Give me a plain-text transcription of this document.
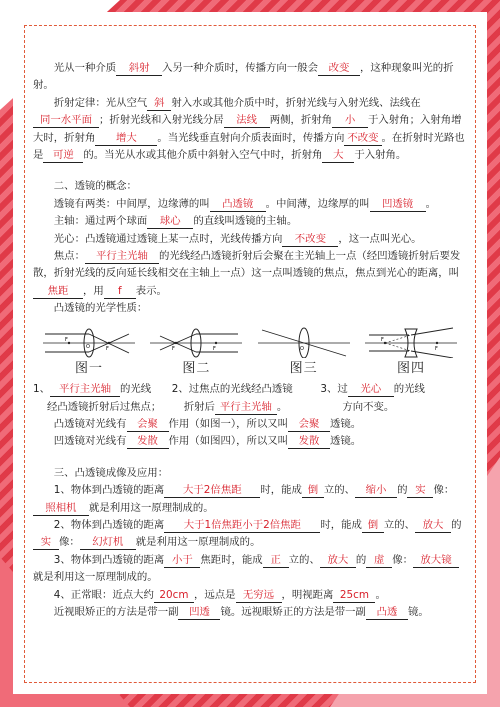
光从一种介质 斜射 入另一种介质时，传播方向一般会 改变 ，这种现象叫光的折射。

折射定律：光从空气 斜 射入水或其他介质中时，折射光线与入射光线、法线在同一水平面 ；折射光线和入射光线分居 法线 两侧，折射角 小 于入射角；入射角增大时，折射角 增大 。当光线垂直射向介质表面时，传播方向 不改变 。在折射时光路也是 可逆 的。当光从水或其他介质中斜射入空气中时，折射角 大 于入射角。

二、透镜的概念：

透镜有两类：中间厚，边缘薄的叫 凸透镜 。中间薄，边缘厚的叫 凹透镜 。

主轴：通过两个球面 球心 的直线叫透镜的主轴。

光心：凸透镜通过透镜上某一点时，光线传播方向 不改变 ，这一点叫光心。

焦点： 平行主光轴 的光线经凸透镜折射后会聚在主光轴上一点（经凹透镜折射后要发散，折射光线的反向延长线相交在主轴上一点）这一点叫透镜的焦点，焦点到光心的距离，叫焦距 ，用 f 表示。

凸透镜的光学性质：

F
F
O
图一
F	F
图二
O
图三
F
F
图四
1、 平行主光轴 的光线
经凸透镜折射后过焦点；
2、过焦点的光线经凸透镜
折射后 平行主光轴 。
3、过 光心 的光线
方向不变。

凸透镜对光线有 会聚 作用（如图一），所以又叫 会聚 透镜。

凹透镜对光线有 发散 作用（如图四），所以又叫 发散 透镜。

三、凸透镜成像及应用：

1、物体到凸透镜的距离 大于2倍焦距 时，能成 倒 立的、 缩小 的 实 像：照相机 就是利用这一原理制成的。

2、物体到凸透镜的距离 大于1倍焦距小于2倍焦距 时，能成 倒 立的、 放大 的实 像： 幻灯机 就是利用这一原理制成的。

3、物体到凸透镜的距离 小于 焦距时，能成 正 立的、 放大 的 虚 像： 放大镜就是利用这一原理制成的。

4、正常眼：近点大约 20cm ，远点是 无穷远 ，明视距离 25cm 。

近视眼矫正的方法是带一副 凹透 镜。远视眼矫正的方法是带一副 凸透 镜。
